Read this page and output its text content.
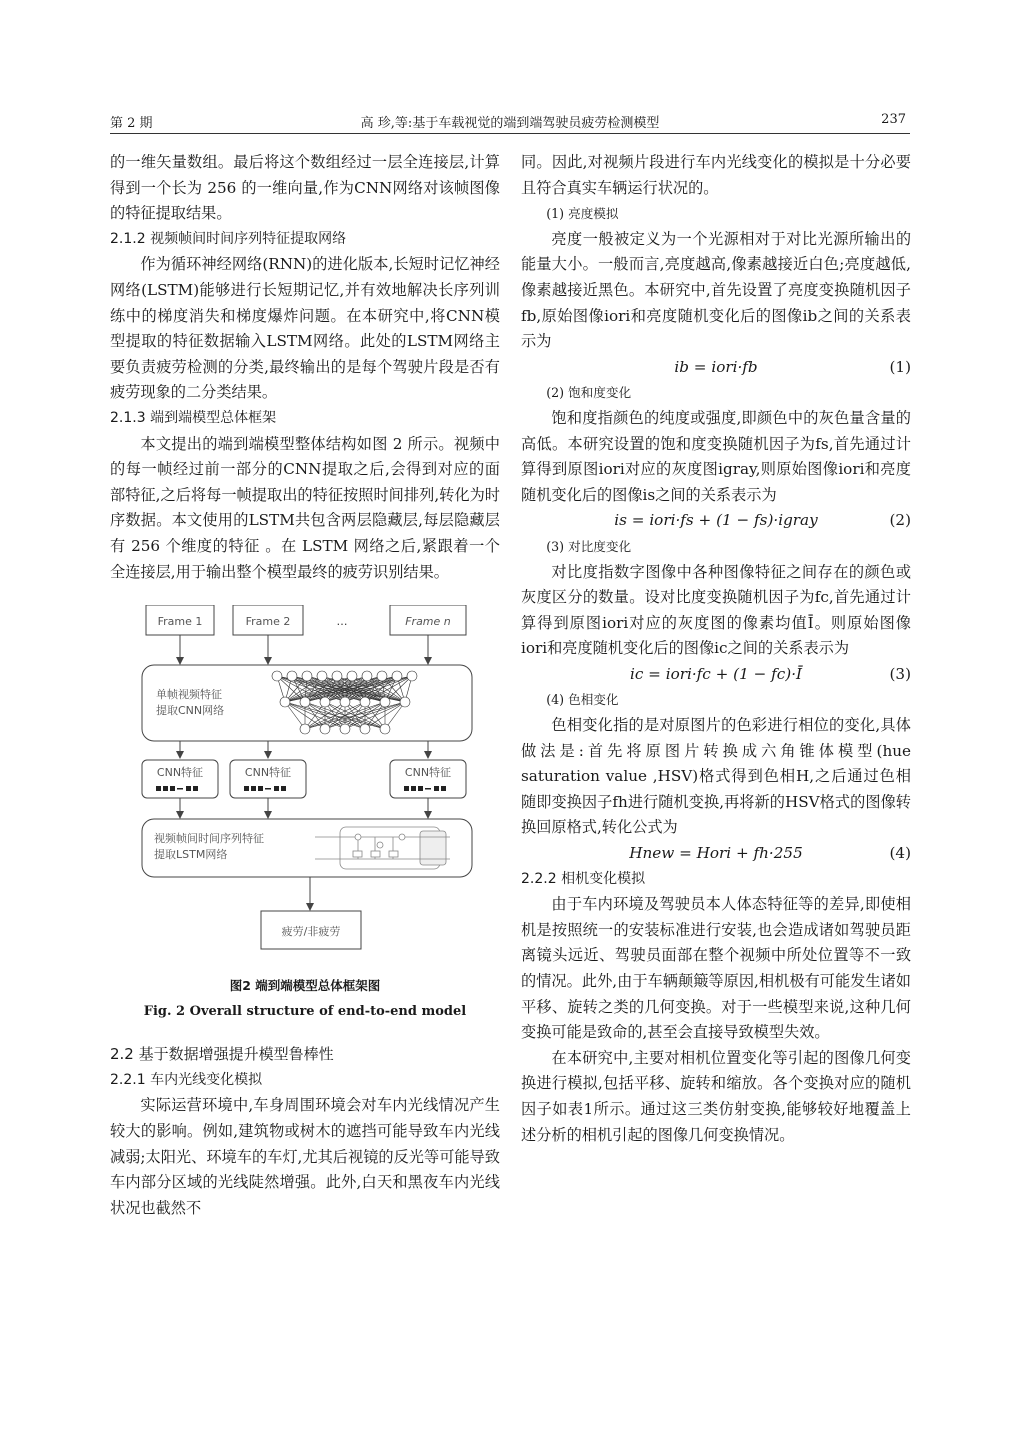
第 2 期	高 珍,等:基于车载视觉的端到端驾驶员疲劳检测模型	237

的一维矢量数组。最后将这个数组经过一层全连接层,计算得到一个长为 256 的一维向量,作为CNN网络对该帧图像的特征提取结果。

2.1.2 视频帧间时间序列特征提取网络

作为循环神经网络(RNN)的进化版本,长短时记忆神经网络(LSTM)能够进行长短期记忆,并有效地解决长序列训练中的梯度消失和梯度爆炸问题。在本研究中,将CNN模型提取的特征数据输入LSTM网络。此处的LSTM网络主要负责疲劳检测的分类,最终输出的是每个驾驶片段是否有疲劳现象的二分类结果。

2.1.3 端到端模型总体框架

本文提出的端到端模型整体结构如图 2 所示。视频中的每一帧经过前一部分的CNN提取之后,会得到对应的面部特征,之后将每一帧提取出的特征按照时间排列,转化为时序数据。本文使用的LSTM共包含两层隐藏层,每层隐藏层有 256 个维度的特征 。在 LSTM 网络之后,紧跟着一个全连接层,用于输出整个模型最终的疲劳识别结果。

Frame 1	Frame 2	…	Frame n
单帧视频特征
提取CNN网络
CNN特征	CNN特征	CNN特征
视频帧间时间序列特征
提取LSTM网络
疲劳/非疲劳
图2 端到端模型总体框架图
Fig. 2 Overall structure of end-to-end model
2.2 基于数据增强提升模型鲁棒性
2.2.1 车内光线变化模拟

实际运营环境中,车身周围环境会对车内光线情况产生较大的影响。例如,建筑物或树木的遮挡可能导致车内光线减弱;太阳光、环境车的车灯,尤其后视镜的反光等可能导致车内部分区域的光线陡然增强。此外,白天和黑夜车内光线状况也截然不

同。因此,对视频片段进行车内光线变化的模拟是十分必要且符合真实车辆运行状况的。

(1) 亮度模拟

亮度一般被定义为一个光源相对于对比光源所输出的能量大小。一般而言,亮度越高,像素越接近白色;亮度越低,像素越接近黑色。本研究中,首先设置了亮度变换随机因子fb,原始图像iori和亮度随机变化后的图像ib之间的关系表示为

ib = iori·fb	(1)
(2) 饱和度变化

饱和度指颜色的纯度或强度,即颜色中的灰色量含量的高低。本研究设置的饱和度变换随机因子为fs,首先通过计算得到原图iori对应的灰度图igray,则原始图像iori和亮度随机变化后的图像is之间的关系表示为

is = iori·fs + (1 − fs)·igray	(2)
(3) 对比度变化

对比度指数字图像中各种图像特征之间存在的颜色或灰度区分的数量。设对比度变换随机因子为fc,首先通过计算得到原图iori对应的灰度图的像素均值Ī。则原始图像iori和亮度随机变化后的图像ic之间的关系表示为

ic = iori·fc + (1 − fc)·Ī	(3)
(4) 色相变化

色相变化指的是对原图片的色彩进行相位的变化,具体做法是:首先将原图片转换成六角锥体模型(hue saturation value ,HSV)格式得到色相H,之后通过色相随即变换因子fh进行随机变换,再将新的HSV格式的图像转换回原格式,转化公式为

Hnew = Hori + fh·255	(4)
2.2.2 相机变化模拟

由于车内环境及驾驶员本人体态特征等的差异,即使相机是按照统一的安装标准进行安装,也会造成诸如驾驶员距离镜头远近、驾驶员面部在整个视频中所处位置等不一致的情况。此外,由于车辆颠簸等原因,相机极有可能发生诸如平移、旋转之类的几何变换。对于一些模型来说,这种几何变换可能是致命的,甚至会直接导致模型失效。

在本研究中,主要对相机位置变化等引起的图像几何变换进行模拟,包括平移、旋转和缩放。各个变换对应的随机因子如表1所示。通过这三类仿射变换,能够较好地覆盖上述分析的相机引起的图像几何变换情况。
